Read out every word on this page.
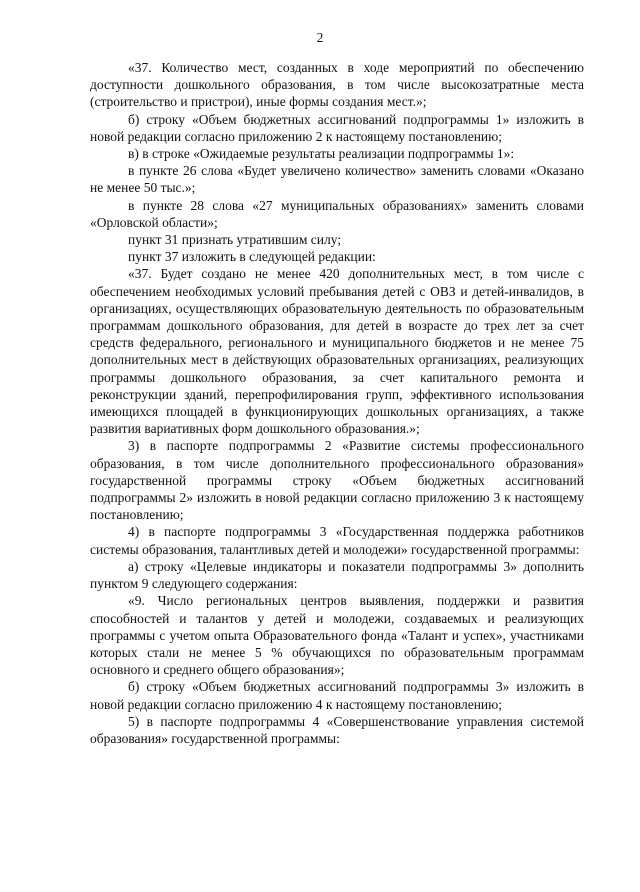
2

«37. Количество мест, созданных в ходе мероприятий по обеспечению доступности дошкольного образования, в том числе высокозатратные места (строительство и пристрои), иные формы создания мест.»;

б) строку «Объем бюджетных ассигнований подпрограммы 1» изложить в новой редакции согласно приложению 2 к настоящему постановлению;

в) в строке «Ожидаемые результаты реализации подпрограммы 1»:

в пункте 26 слова «Будет увеличено количество» заменить словами «Оказано не менее 50 тыс.»;

в пункте 28 слова «27 муниципальных образованиях» заменить словами «Орловской области»;

пункт 31 признать утратившим силу;

пункт 37 изложить в следующей редакции:

«37. Будет создано не менее 420 дополнительных мест, в том числе с обеспечением необходимых условий пребывания детей с ОВЗ и детей-инвалидов, в организациях, осуществляющих образовательную деятельность по образовательным программам дошкольного образования, для детей в возрасте до трех лет за счет средств федерального, регионального и муниципального бюджетов и не менее 75 дополнительных мест в действующих образовательных организациях, реализующих программы дошкольного образования, за счет капитального ремонта и реконструкции зданий, перепрофилирования групп, эффективного использования имеющихся площадей в функционирующих дошкольных организациях, а также развития вариативных форм дошкольного образования.»;

3) в паспорте подпрограммы 2 «Развитие системы профессионального образования, в том числе дополнительного профессионального образования» государственной программы строку «Объем бюджетных ассигнований подпрограммы 2» изложить в новой редакции согласно приложению 3 к настоящему постановлению;

4) в паспорте подпрограммы 3 «Государственная поддержка работников системы образования, талантливых детей и молодежи» государственной программы:

а) строку «Целевые индикаторы и показатели подпрограммы 3» дополнить пунктом 9 следующего содержания:

«9. Число региональных центров выявления, поддержки и развития способностей и талантов у детей и молодежи, создаваемых и реализующих программы с учетом опыта Образовательного фонда «Талант и успех», участниками которых стали не менее 5 % обучающихся по образовательным программам основного и среднего общего образования»;

б) строку «Объем бюджетных ассигнований подпрограммы 3» изложить в новой редакции согласно приложению 4 к настоящему постановлению;

5) в паспорте подпрограммы 4 «Совершенствование управления системой образования» государственной программы:
